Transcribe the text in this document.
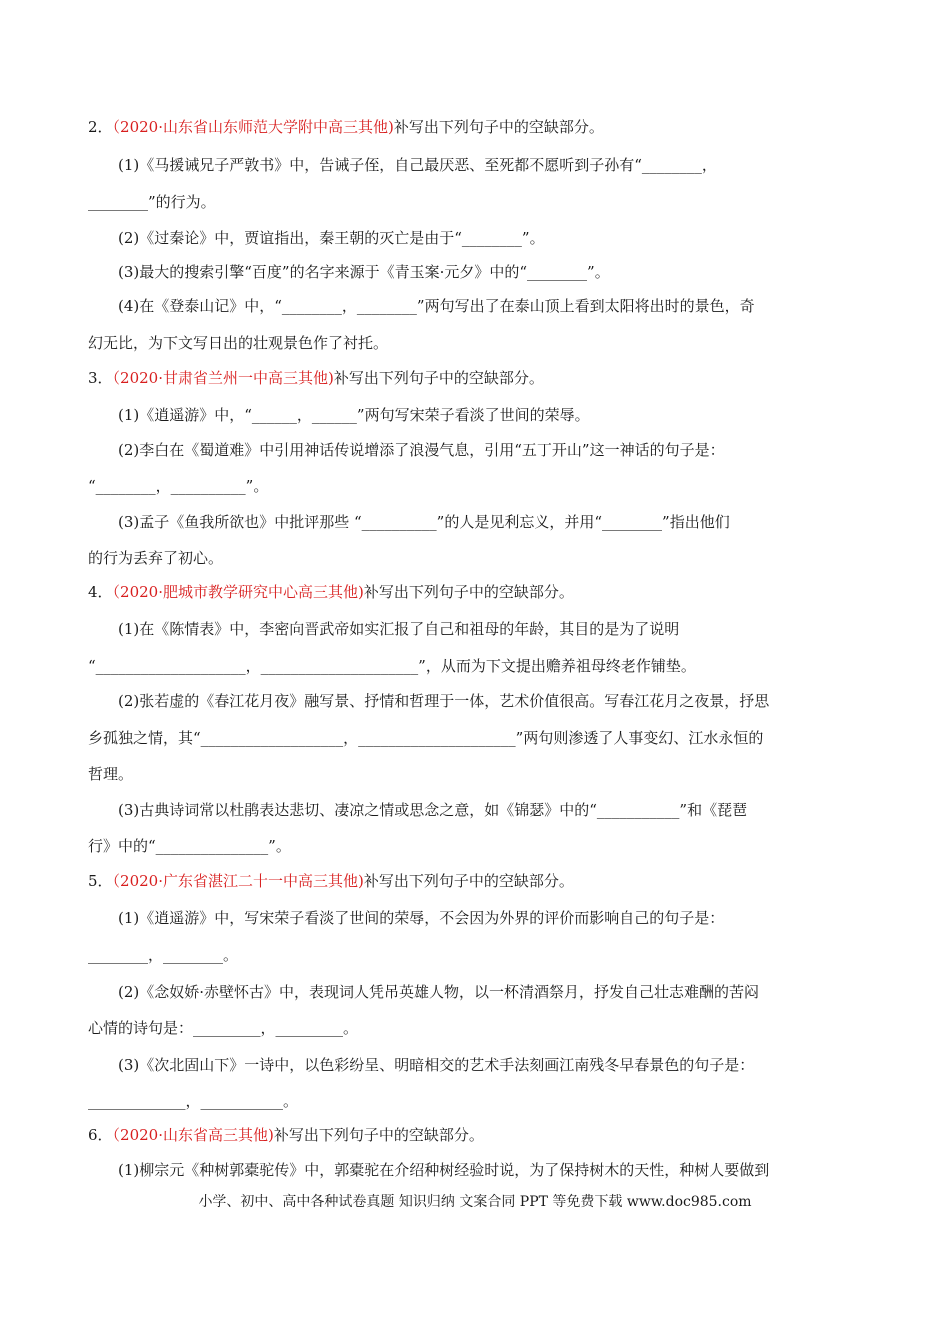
2．（2020·山东省山东师范大学附中高三其他)补写出下列句子中的空缺部分。
(1)《马援诫兄子严敦书》中，告诫子侄，自己最厌恶、至死都不愿听到子孙有“________，
________”的行为。
(2)《过秦论》中，贾谊指出，秦王朝的灭亡是由于“________”。
(3)最大的搜索引擎“百度”的名字来源于《青玉案·元夕》中的“________”。
(4)在《登泰山记》中，“________，________”两句写出了在泰山顶上看到太阳将出时的景色，奇
幻无比，为下文写日出的壮观景色作了衬托。
3．（2020·甘肃省兰州一中高三其他)补写出下列句子中的空缺部分。
(1)《逍遥游》中，“______，______”两句写宋荣子看淡了世间的荣辱。
(2)李白在《蜀道难》中引用神话传说增添了浪漫气息，引用“五丁开山”这一神话的句子是：
“________，__________”。
(3)孟子《鱼我所欲也》中批评那些 “__________”的人是见利忘义，并用“________”指出他们
的行为丢弃了初心。
4．（2020·肥城市教学研究中心高三其他)补写出下列句子中的空缺部分。
(1)在《陈情表》中，李密向晋武帝如实汇报了自己和祖母的年龄，其目的是为了说明
“____________________，_____________________”，从而为下文提出赡养祖母终老作铺垫。
(2)张若虚的《春江花月夜》融写景、抒情和哲理于一体，艺术价值很高。写春江花月之夜景，抒思
乡孤独之情，其“___________________，_____________________”两句则渗透了人事变幻、江水永恒的
哲理。
(3)古典诗词常以杜鹃表达悲切、凄凉之情或思念之意，如《锦瑟》中的“___________”和《琵琶
行》中的“_______________”。
5．（2020·广东省湛江二十一中高三其他)补写出下列句子中的空缺部分。
(1)《逍遥游》中，写宋荣子看淡了世间的荣辱，不会因为外界的评价而影响自己的句子是：
________，________。
(2)《念奴娇·赤壁怀古》中，表现词人凭吊英雄人物，以一杯清酒祭月，抒发自己壮志难酬的苦闷
心情的诗句是：_________，_________。
(3)《次北固山下》一诗中，以色彩纷呈、明暗相交的艺术手法刻画江南残冬早春景色的句子是：
_____________，___________。
6．（2020·山东省高三其他)补写出下列句子中的空缺部分。
(1)柳宗元《种树郭橐驼传》中，郭橐驼在介绍种树经验时说，为了保持树木的天性，种树人要做到
小学、初中、高中各种试卷真题 知识归纳 文案合同 PPT 等免费下载 www.doc985.com
